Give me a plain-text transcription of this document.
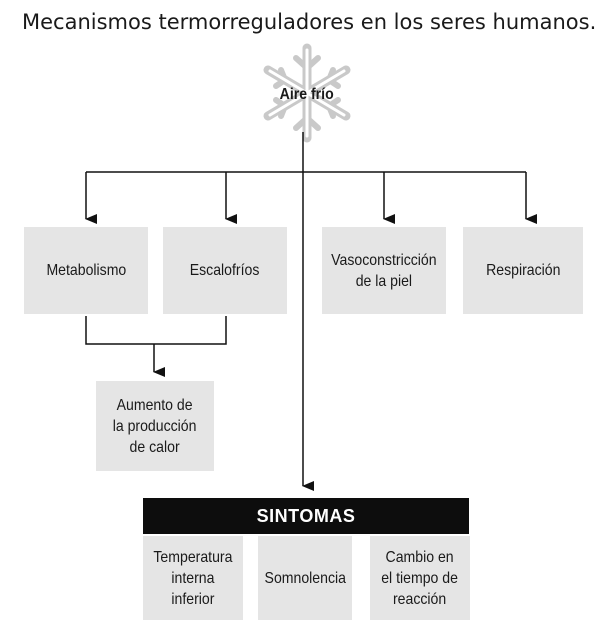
Mecanismos termorreguladores en los seres humanos.
Aire frío
Metabolismo	Escalofríos
Vasoconstricción
de la piel
Respiración
Aumento de
la producción
de calor
SINTOMAS
Temperatura
interna
inferior
Somnolencia
Cambio en
el tiempo de
reacción
